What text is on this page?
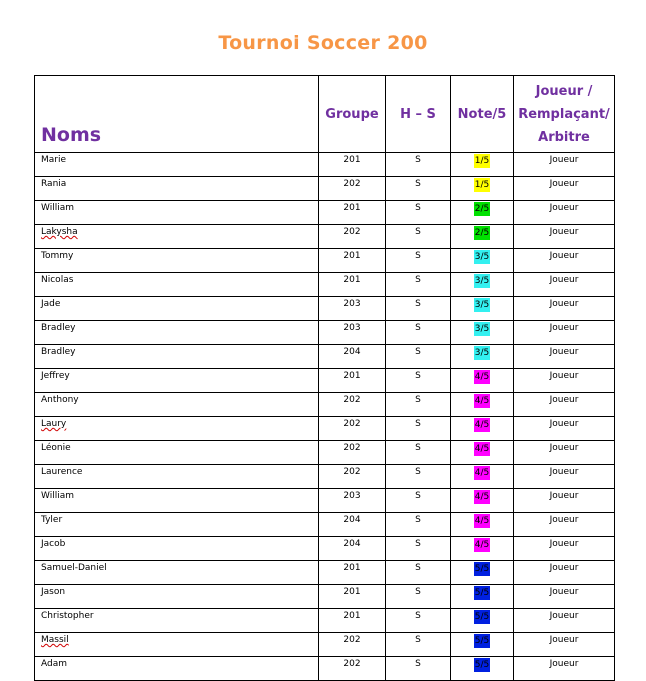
Tournoi Soccer 200
Noms	Groupe	H – S	Note/5	Joueur /
Remplaçant/
Arbitre

Marie	201	S	1/5	Joueur
Rania	202	S	1/5	Joueur
William	201	S	2/5	Joueur
Lakysha	202	S	2/5	Joueur
Tommy	201	S	3/5	Joueur
Nicolas	201	S	3/5	Joueur
Jade	203	S	3/5	Joueur
Bradley	203	S	3/5	Joueur
Bradley	204	S	3/5	Joueur
Jeffrey	201	S	4/5	Joueur
Anthony	202	S	4/5	Joueur
Laury	202	S	4/5	Joueur
Léonie	202	S	4/5	Joueur
Laurence	202	S	4/5	Joueur
William	203	S	4/5	Joueur
Tyler	204	S	4/5	Joueur
Jacob	204	S	4/5	Joueur
Samuel-Daniel	201	S	5/5	Joueur
Jason	201	S	5/5	Joueur
Christopher	201	S	5/5	Joueur
Massil	202	S	5/5	Joueur
Adam	202	S	5/5	Joueur
